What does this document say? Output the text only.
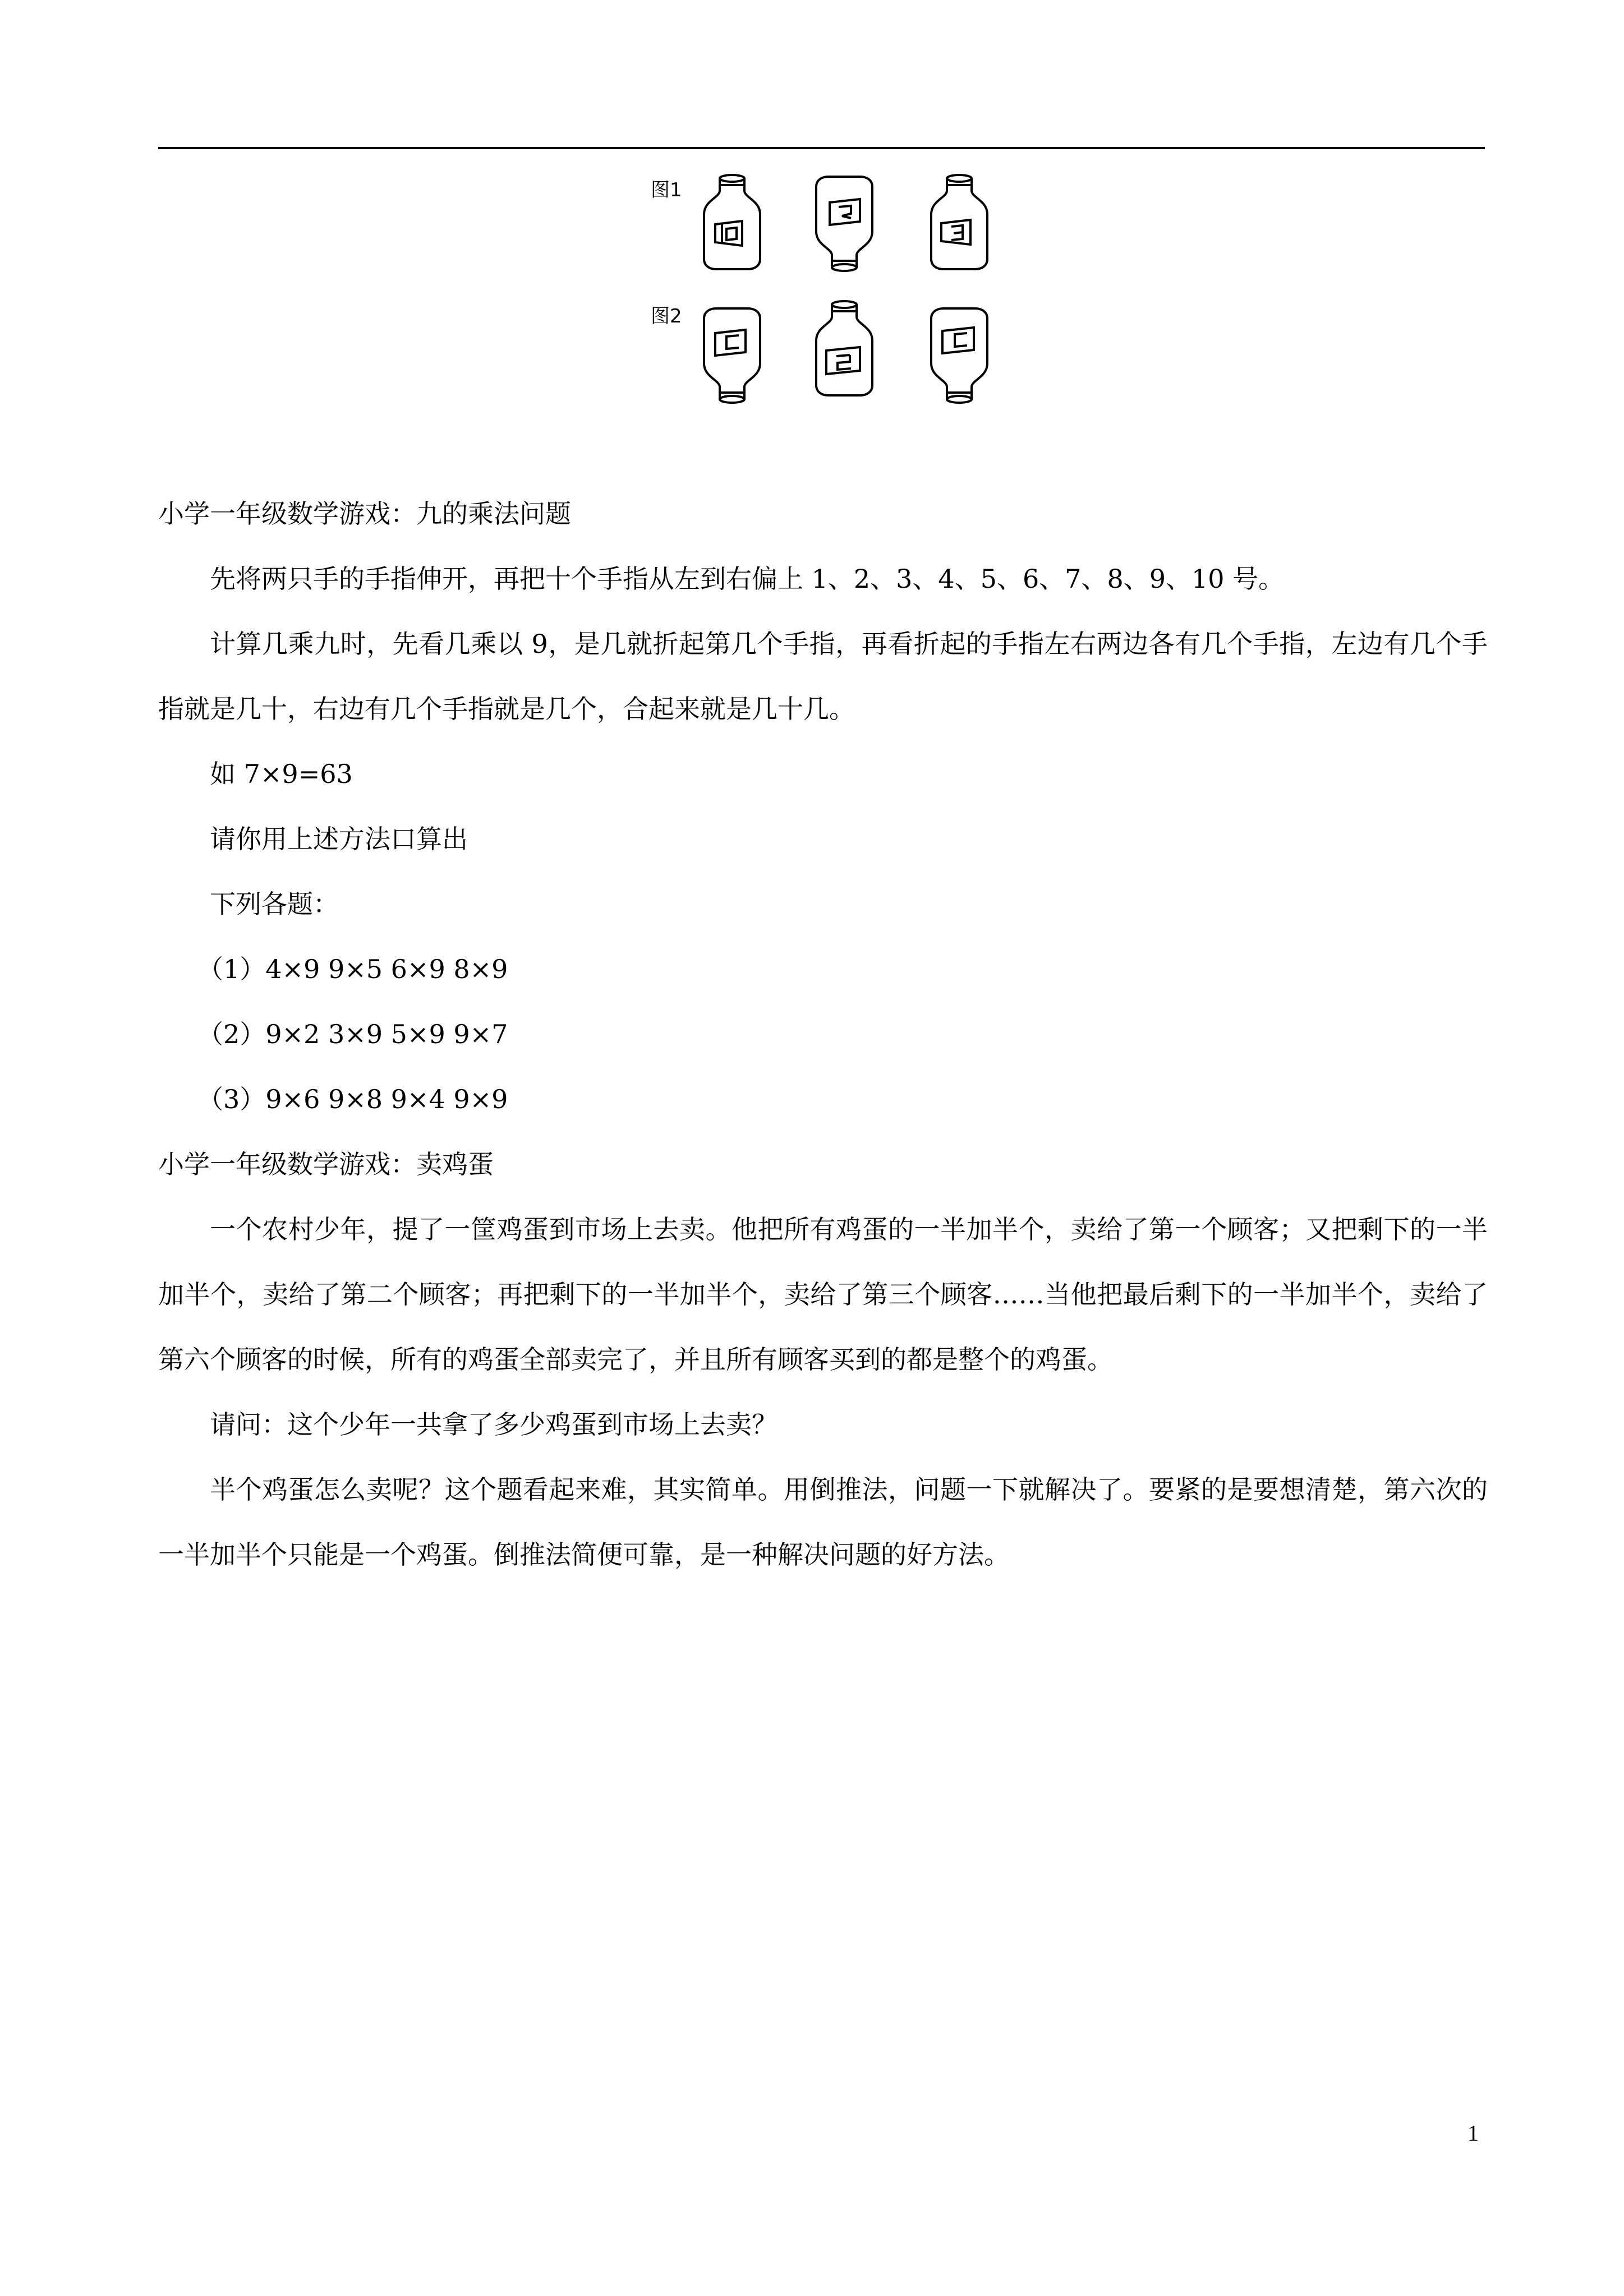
图1
图2

小学一年级数学游戏：九的乘法问题

先将两只手的手指伸开，再把十个手指从左到右偏上 1、2、3、4、5、6、7、8、9、10 号。

计算几乘九时，先看几乘以 9，是几就折起第几个手指，再看折起的手指左右两边各有几个手指，左边有几个手指就是几十，右边有几个手指就是几个，合起来就是几十几。

如 7×9=63

请你用上述方法口算出

下列各题：

（1）4×9 9×5 6×9 8×9

（2）9×2 3×9 5×9 9×7

（3）9×6 9×8 9×4 9×9

小学一年级数学游戏：卖鸡蛋

一个农村少年，提了一筐鸡蛋到市场上去卖。他把所有鸡蛋的一半加半个，卖给了第一个顾客；又把剩下的一半加半个，卖给了第二个顾客；再把剩下的一半加半个，卖给了第三个顾客……当他把最后剩下的一半加半个，卖给了第六个顾客的时候，所有的鸡蛋全部卖完了，并且所有顾客买到的都是整个的鸡蛋。

请问：这个少年一共拿了多少鸡蛋到市场上去卖？

半个鸡蛋怎么卖呢？这个题看起来难，其实简单。用倒推法，问题一下就解决了。要紧的是要想清楚，第六次的一半加半个只能是一个鸡蛋。倒推法简便可靠，是一种解决问题的好方法。

1
